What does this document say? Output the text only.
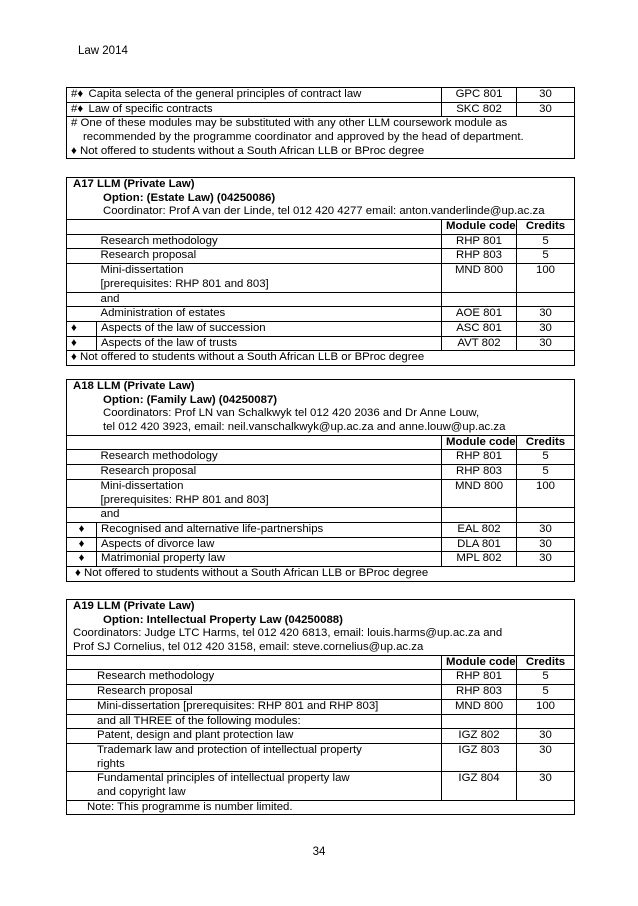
Law 2014
#♦	Capita selecta of the general principles of contract law	GPC 801	30
#♦	Law of specific contracts	SKC 802	30

# One of these modules may be substituted with any other LLM coursework module as
recommended by the programme coordinator and approved by the head of department.
♦ Not offered to students without a South African LLB or BProc degree			
A17 LLM (Private Law)
Option: (Estate Law) (04250086)
Coordinator: Prof A van der Linde, tel 012 420 4277 email: anton.vanderlinde@up.ac.za			

		Module code	Credits
	Research methodology	RHP 801	5
	Research proposal	RHP 803	5
	Mini-dissertation	MND 800	100
	[prerequisites: RHP 801 and 803]		
	and		
	Administration of estates	AOE 801	30
♦	Aspects of the law of succession	ASC 801	30
♦	Aspects of the law of trusts	AVT 802	30
♦ Not offered to students without a South African LLB or BProc degree			
A18 LLM (Private Law)
Option: (Family Law) (04250087)
Coordinators: Prof LN van Schalkwyk tel 012 420 2036 and Dr Anne Louw,
tel 012 420 3923, email: neil.vanschalkwyk@up.ac.za and anne.louw@up.ac.za			

		Module code	Credits
	Research methodology	RHP 801	5
	Research proposal	RHP 803	5
	Mini-dissertation	MND 800	100
	[prerequisites: RHP 801 and 803]		
	and		
♦	Recognised and alternative life-partnerships	EAL 802	30
♦	Aspects of divorce law	DLA 801	30
♦	Matrimonial property law	MPL 802	30
♦ Not offered to students without a South African LLB or BProc degree			
A19 LLM (Private Law)
Option: Intellectual Property Law (04250088)
Coordinators: Judge LTC Harms, tel 012 420 6813, email: louis.harms@up.ac.za and
Prof SJ Cornelius, tel 012 420 3158, email: steve.cornelius@up.ac.za		

	Module code	Credits
Research methodology	RHP 801	5
Research proposal	RHP 803	5
Mini-dissertation [prerequisites: RHP 801 and RHP 803]	MND 800	100
and all THREE of the following modules:		
Patent, design and plant protection law	IGZ 802	30

Trademark law and protection of intellectual property
rights	IGZ 803	30

Fundamental principles of intellectual property law
and copyright law	IGZ 804	30
Note: This programme is number limited.		
34
